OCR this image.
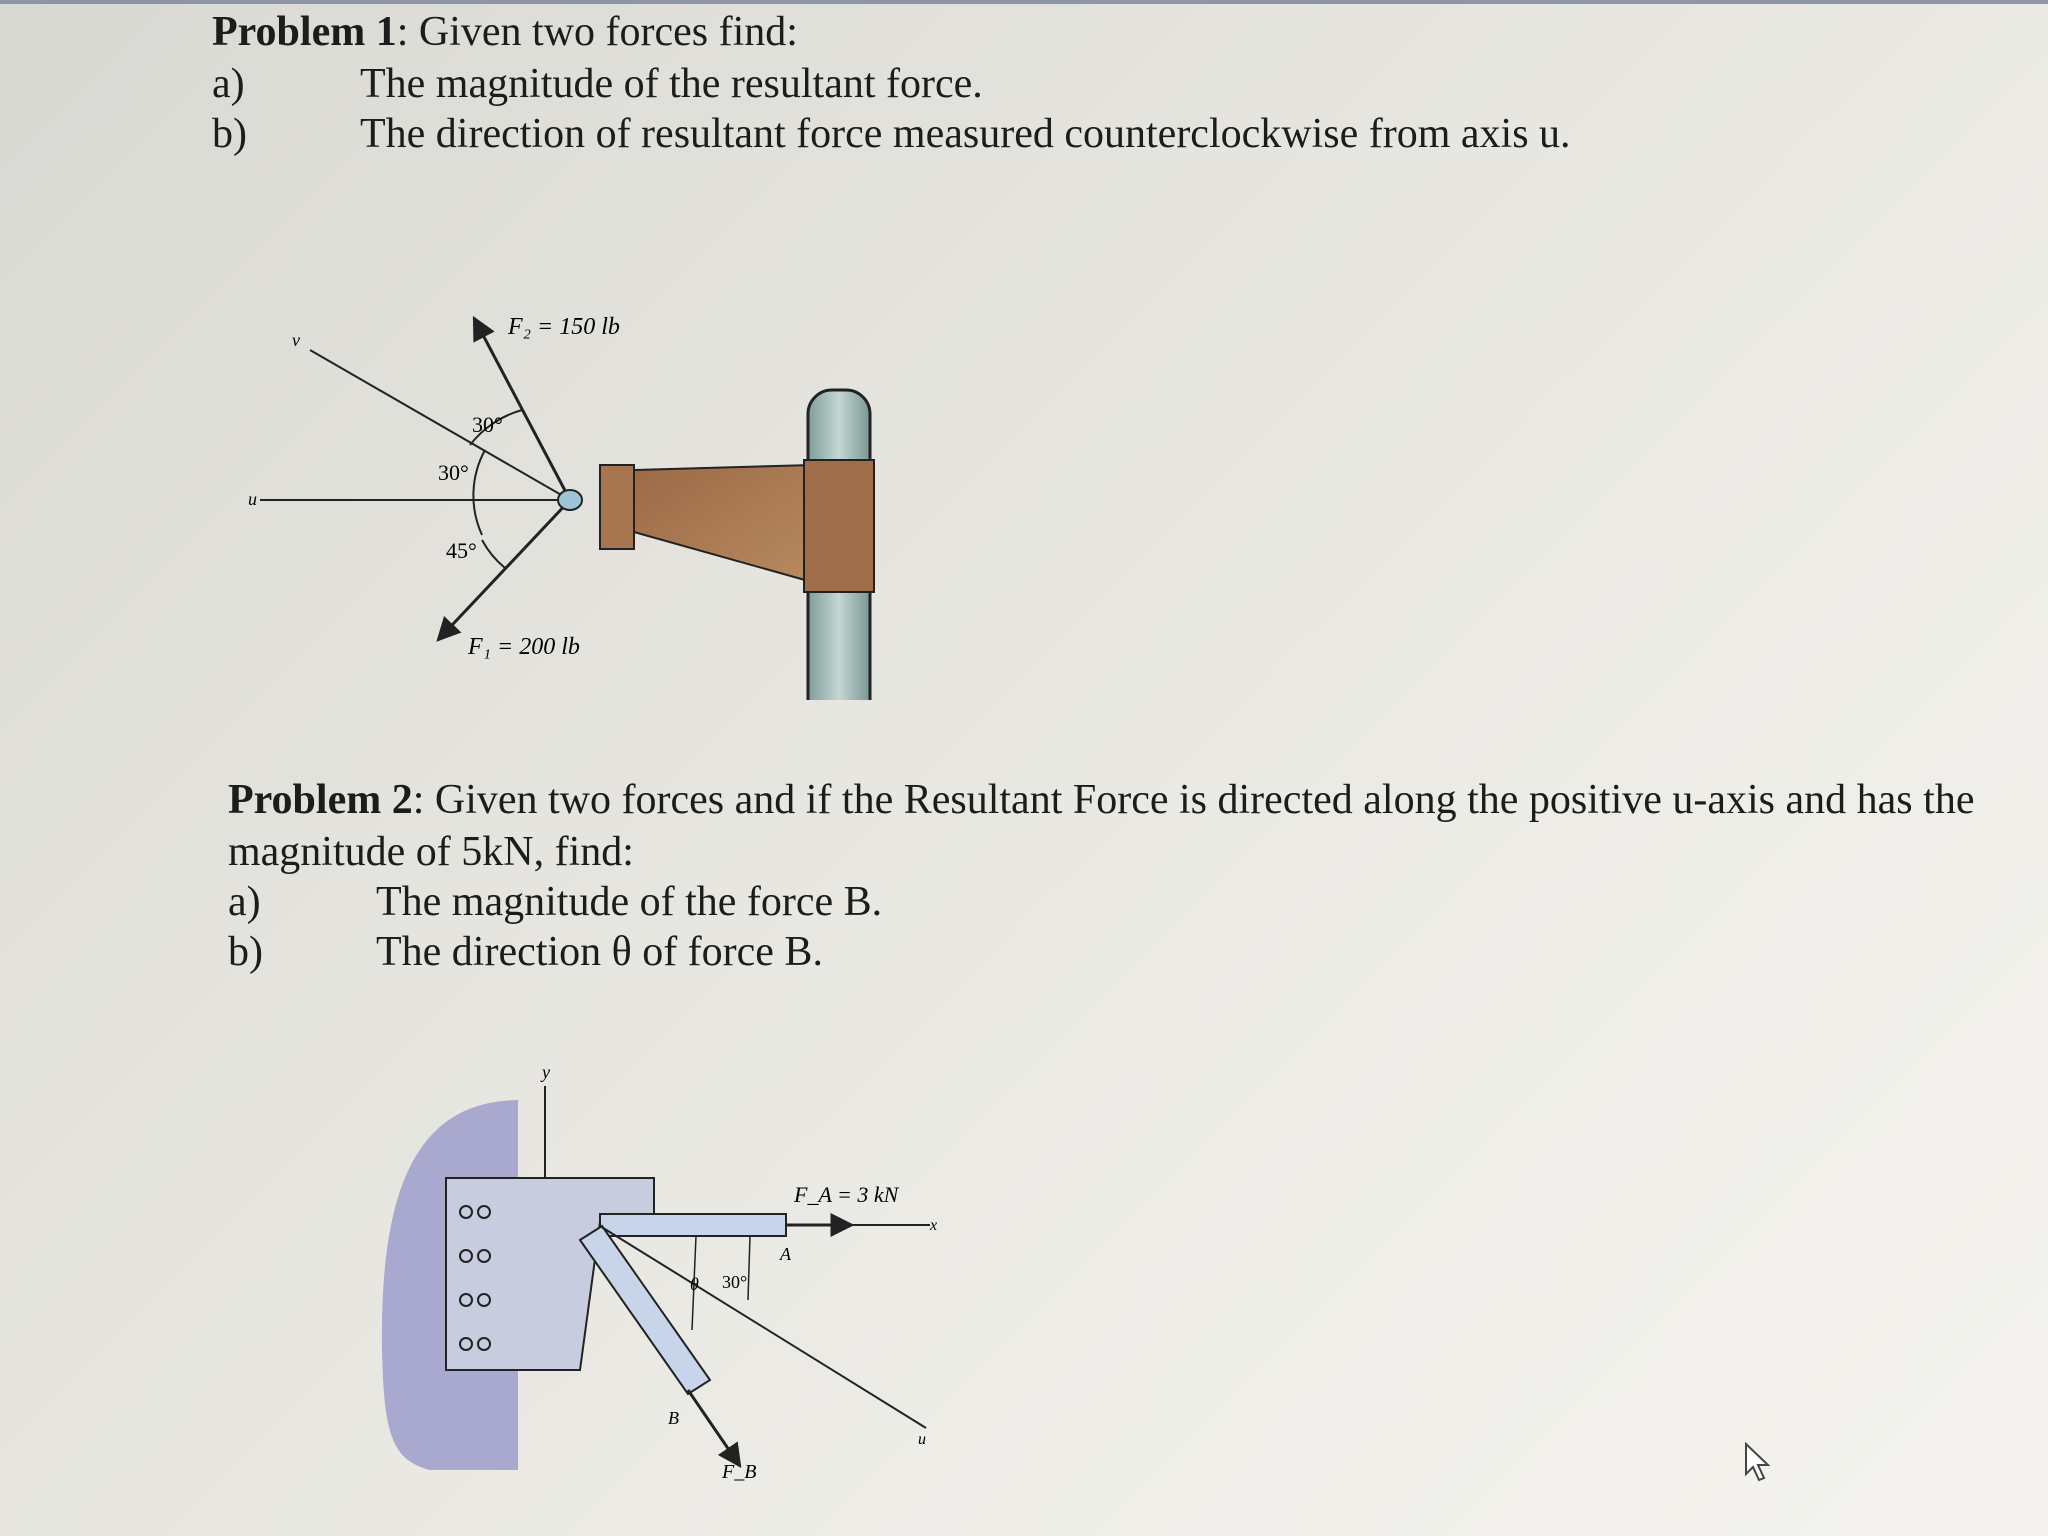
Problem 1: Given two forces find:
a)	The magnitude of the resultant force.
b)	The direction of resultant force measured counterclockwise from axis u.
u
v	F₂ = 150 lb
F₁ = 200 lb
30°
30°
45°
Problem 2: Given two forces and if the Resultant Force is directed along the positive u-axis and has the magnitude of 5kN, find:
a)	The magnitude of the force B.
b)	The direction θ of force B.
y
x
F_A = 3 kN
A
u
F_B
B
θ 30°
